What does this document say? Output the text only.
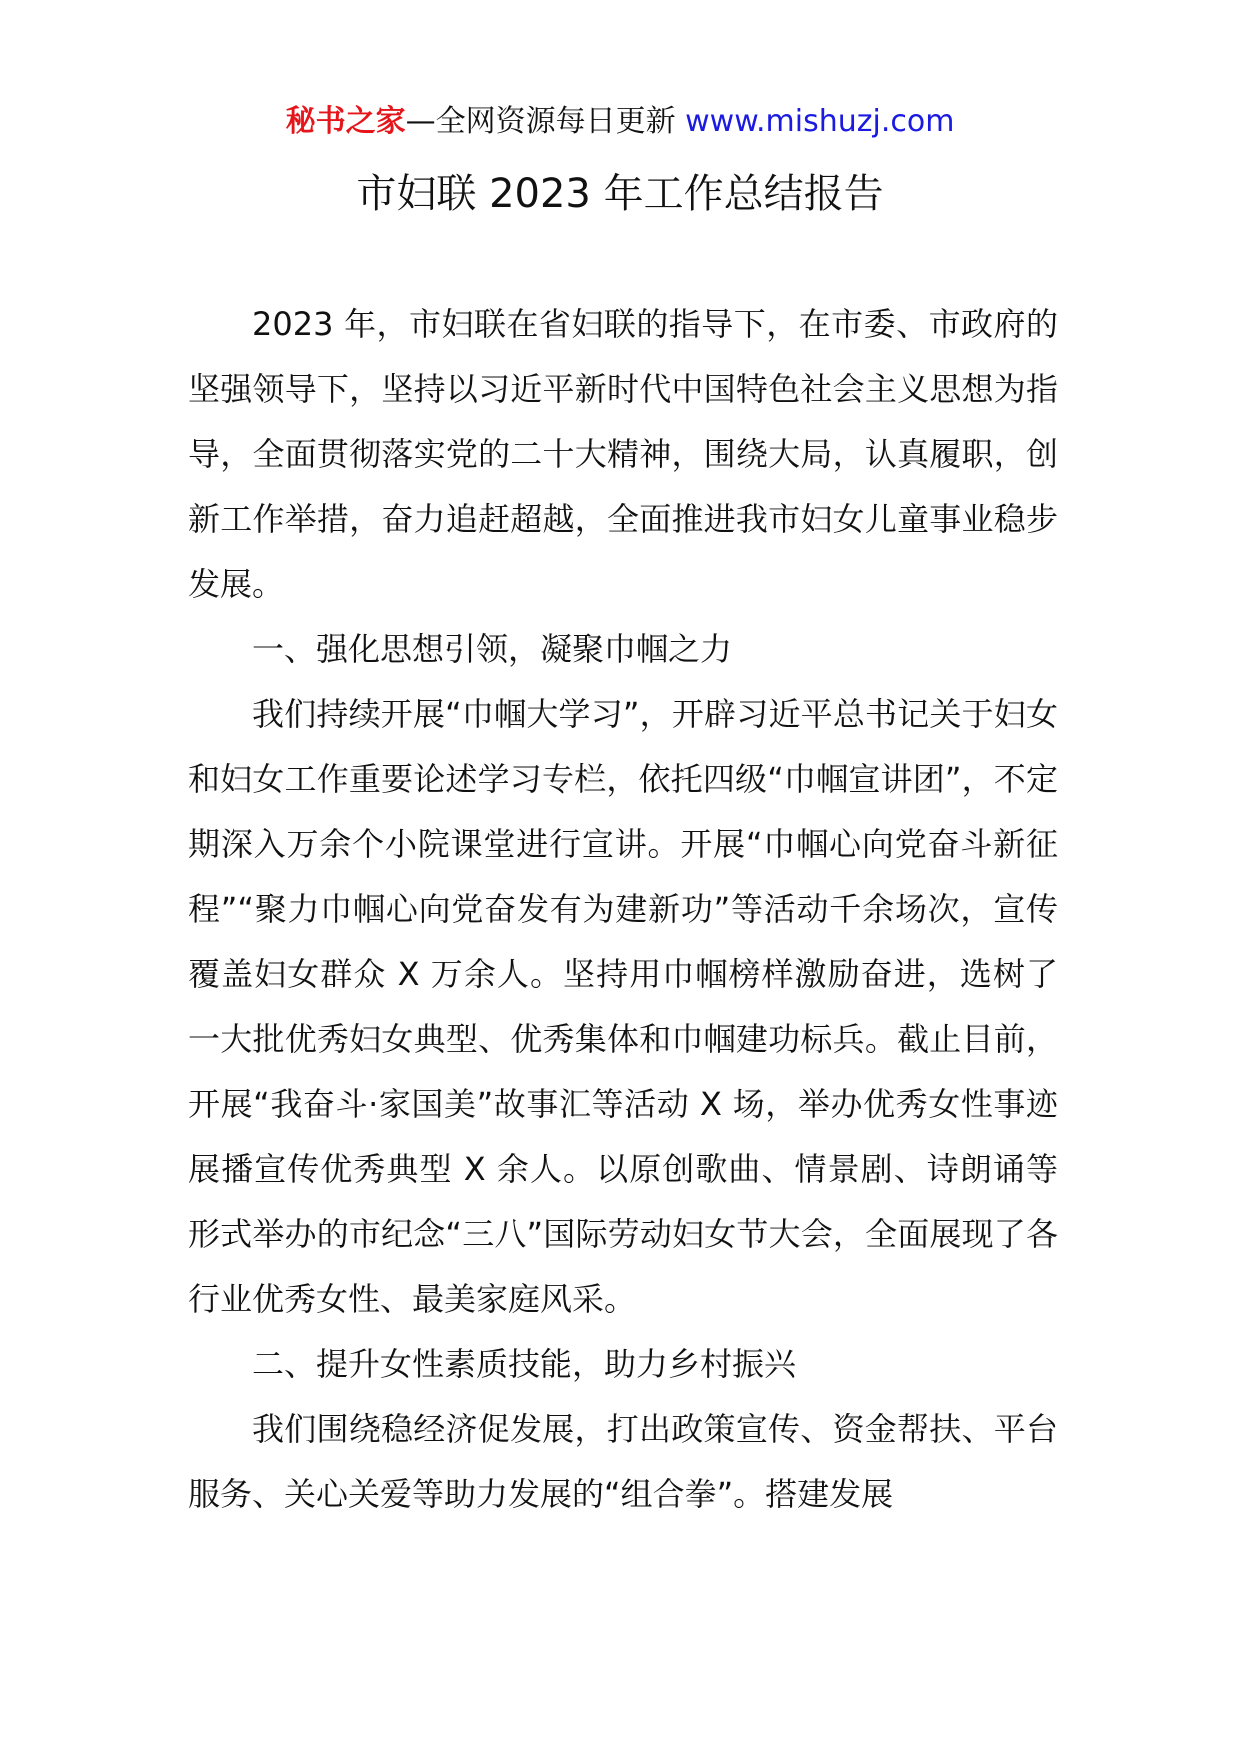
秘书之家—全网资源每日更新 www.mishuzj.com
市妇联 2023 年工作总结报告

2023 年，市妇联在省妇联的指导下，在市委、市政府的坚强领导下，坚持以习近平新时代中国特色社会主义思想为指导，全面贯彻落实党的二十大精神，围绕大局，认真履职，创新工作举措，奋力追赶超越，全面推进我市妇女儿童事业稳步发展。

一、强化思想引领，凝聚巾帼之力

我们持续开展“巾帼大学习”，开辟习近平总书记关于妇女和妇女工作重要论述学习专栏，依托四级“巾帼宣讲团”，不定期深入万余个小院课堂进行宣讲。开展“巾帼心向党奋斗新征程”“聚力巾帼心向党奋发有为建新功”等活动千余场次，宣传覆盖妇女群众 X 万余人。坚持用巾帼榜样激励奋进，选树了一大批优秀妇女典型、优秀集体和巾帼建功标兵。截止目前，开展“我奋斗·家国美”故事汇等活动 X 场，举办优秀女性事迹展播宣传优秀典型 X 余人。以原创歌曲、情景剧、诗朗诵等形式举办的市纪念“三八”国际劳动妇女节大会，全面展现了各行业优秀女性、最美家庭风采。

二、提升女性素质技能，助力乡村振兴

我们围绕稳经济促发展，打出政策宣传、资金帮扶、平台服务、关心关爱等助力发展的“组合拳”。搭建发展
